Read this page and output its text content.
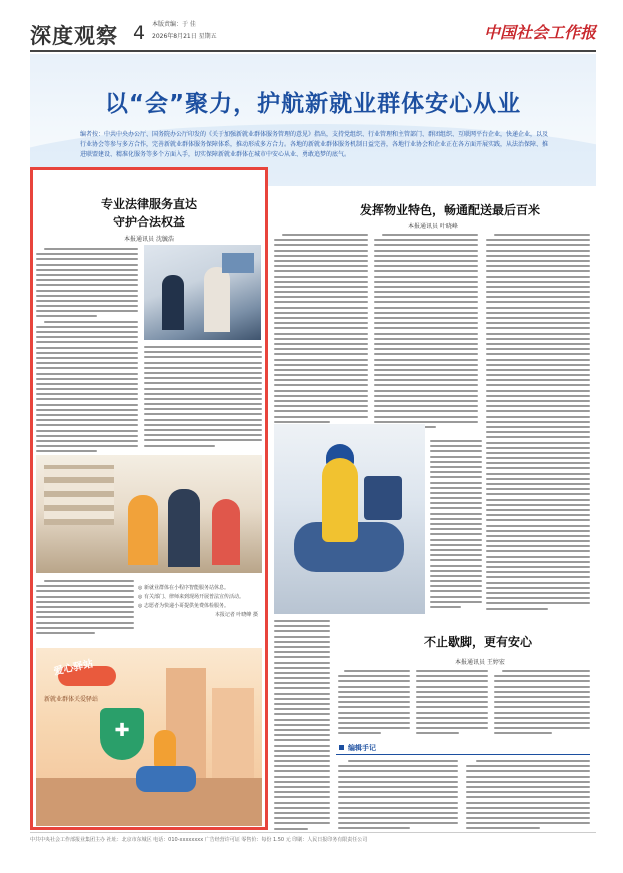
深度观察 4 本版责编：于 佳
2026年8月21日 星期五	中国社会工作报
以“会”聚力，护航新就业群体安心从业
编者按：中共中央办公厅、国务院办公厅印发的《关于加强新就业群体服务管理的意见》指出，支持党组织、行业管理和主管部门、群团组织、互联网平台企业，快递企业，以及行业协会等参与多方合作，完善新就业群体服务保障体系，推动形成多方合力。各地的新就业群体服务机制日益完善，各地行业协会和企业正在各方面开展实践，从法治保障、推进联盟建设、精准化服务等多个方面入手，切实保障新就业群体在城市中安心从业、勇敢追梦的底气。
专业法律服务直达
守护合法权益
本报通讯员 沈毓浩
◎ 新就业群体在小程序智能服务站休息。
◎ 有关部门、律师来到现场开展普法宣传活动。
◎ 志愿者为快递小哥提供免费体检服务。
本报记者 叶晓峰 摄
✚
爱心驿站
新就业群体关爱驿站
发挥物业特色，畅通配送最后百米
本报通讯员 叶晓峰
不止歇脚，更有安心
本报通讯员 王婷宏
编辑手记
中共中央社会工作部报业集团主办 社址：北京市东城区 电话：010-xxxxxxxx 广告经营许可证 零售价：每份 1.50 元 印刷：人民日报印务有限责任公司
